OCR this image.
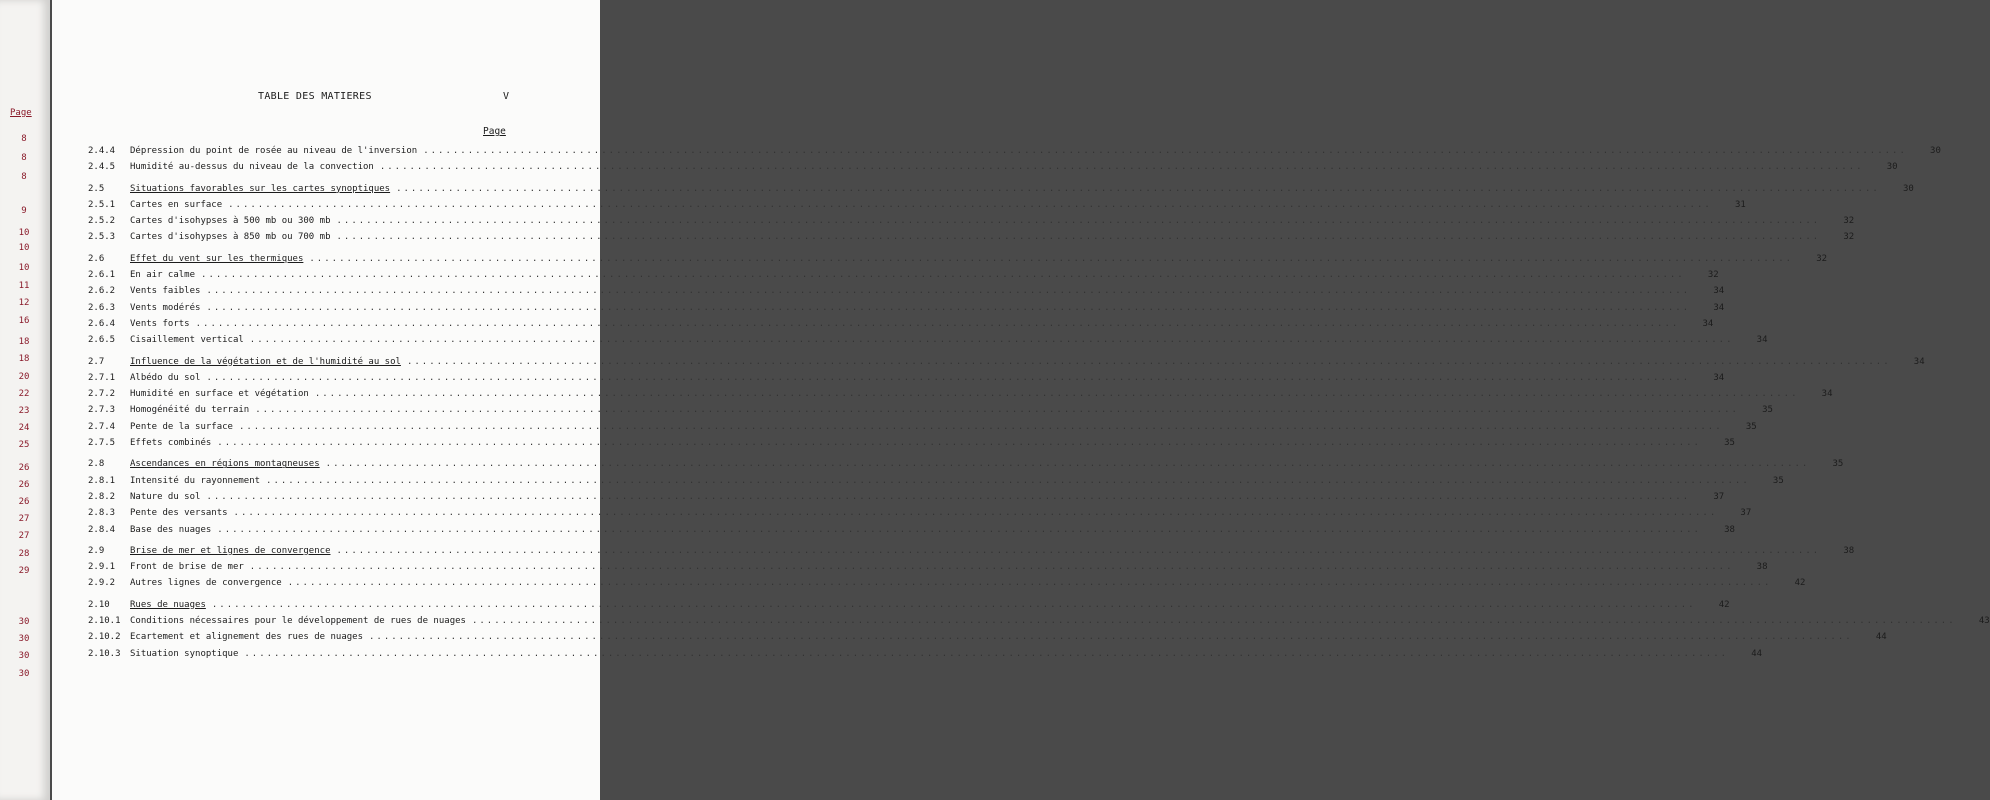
Page
8
8
8
9
10
10
10
11
12
16
18
18
20
22
23
24
25
26
26
26
27
27
28
29
30
30
30
30
TABLE DES MATIERES	V
Page
2.4.4	Dépression du point de rosée au niveau de l'inversion ........................................................................................................................................................................................................	30
2.4.5	Humidité au-dessus du niveau de la convection ........................................................................................................................................................................................................	30
2.5	Situations favorables sur les cartes synoptiques ........................................................................................................................................................................................................	30
2.5.1	Cartes en surface ........................................................................................................................................................................................................	31
2.5.2	Cartes d'isohypses à 500 mb ou 300 mb ........................................................................................................................................................................................................	32
2.5.3	Cartes d'isohypses à 850 mb ou 700 mb ........................................................................................................................................................................................................	32
2.6	Effet du vent sur les thermiques ........................................................................................................................................................................................................	32
2.6.1	En air calme ........................................................................................................................................................................................................	32
2.6.2	Vents faibles ........................................................................................................................................................................................................	34
2.6.3	Vents modérés ........................................................................................................................................................................................................	34
2.6.4	Vents forts ........................................................................................................................................................................................................	34
2.6.5	Cisaillement vertical ........................................................................................................................................................................................................	34
2.7	Influence de la végétation et de l'humidité au sol ........................................................................................................................................................................................................	34
2.7.1	Albédo du sol ........................................................................................................................................................................................................	34
2.7.2	Humidité en surface et végétation ........................................................................................................................................................................................................	34
2.7.3	Homogénéité du terrain ........................................................................................................................................................................................................	35
2.7.4	Pente de la surface ........................................................................................................................................................................................................	35
2.7.5	Effets combinés ........................................................................................................................................................................................................	35
2.8	Ascendances en régions montagneuses ........................................................................................................................................................................................................	35
2.8.1	Intensité du rayonnement ........................................................................................................................................................................................................	35
2.8.2	Nature du sol ........................................................................................................................................................................................................	37
2.8.3	Pente des versants ........................................................................................................................................................................................................	37
2.8.4	Base des nuages ........................................................................................................................................................................................................	38
2.9	Brise de mer et lignes de convergence ........................................................................................................................................................................................................	38
2.9.1	Front de brise de mer ........................................................................................................................................................................................................	38
2.9.2	Autres lignes de convergence ........................................................................................................................................................................................................	42
2.10	Rues de nuages ........................................................................................................................................................................................................	42
2.10.1	Conditions nécessaires pour le développement de rues de nuages ........................................................................................................................................................................................................	43
2.10.2	Ecartement et alignement des rues de nuages ........................................................................................................................................................................................................	44
2.10.3	Situation synoptique ........................................................................................................................................................................................................	44
